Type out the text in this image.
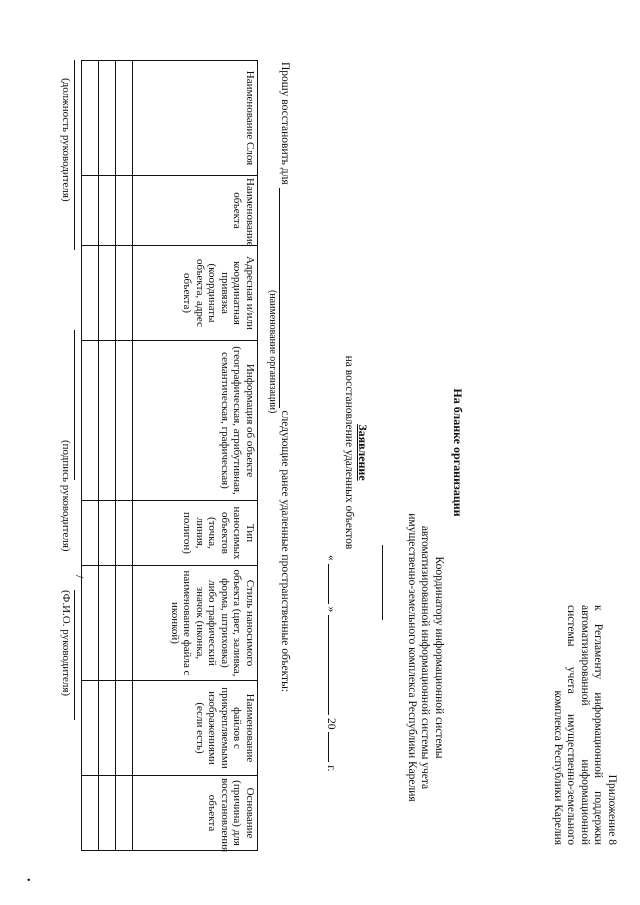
Приложение 8
к Регламенту информационной поддержки
автоматизированной информационной
системы учета имущественно-земельного
комплекса Республики Карелия
На бланке организации
Координатору информационной системы
автоматизированной информационной системы учета
имущественно-земельного комплекса Республики Карелия
Заявление
на восстановление удаленных объектов
«  »  20  г.
Прошу восстановить для  следующие ранее удаленные пространственные объекты:
(наименование организации)
Наименование Слоя	Наименование объекта	Адресная и/или координатная привязка (координаты объекта, адрес объекта)	Информация об объекте (географическая, атрибутивная, семантическая, графическая)	Тип наносимых объектов (точка, линия, полигон)	Стиль наносимого объекта (цвет, заливка, форма, штриховка) либо графический значок (иконка, наименование файла с иконкой)	Наименование файлов с прикрепляемыми изображениями (если есть)	Основание (причина) для восстановления объекта

/
(должность руководителя)
(подпись руководителя)
(Ф.И.О. руководителя)
•
